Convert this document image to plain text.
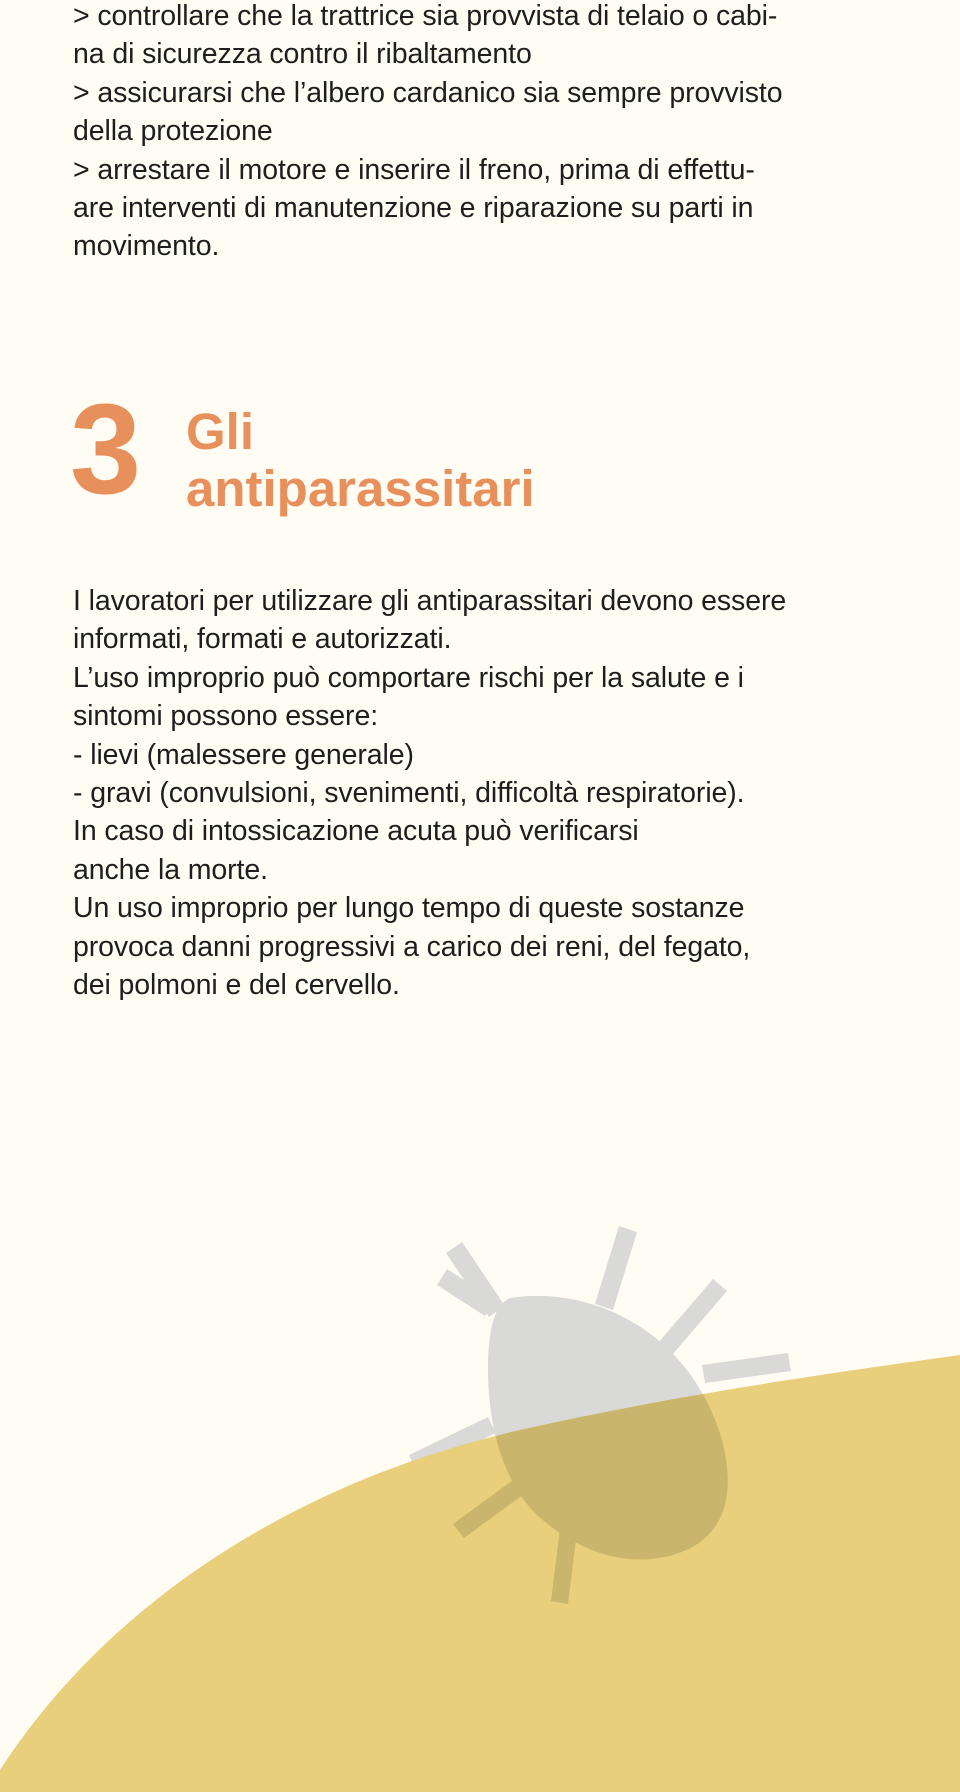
> controllare che la trattrice sia provvista di telaio o cabi-
na di sicurezza contro il ribaltamento
> assicurarsi che l’albero cardanico sia sempre provvisto
della protezione
> arrestare il motore e inserire il freno, prima di effettu-
are interventi di manutenzione e riparazione su parti in
movimento.
3 Gli
antiparassitari
I lavoratori per utilizzare gli antiparassitari devono essere
informati, formati e autorizzati.
L’uso improprio può comportare rischi per la salute e i
sintomi possono essere:
- lievi (malessere generale)
- gravi (convulsioni, svenimenti, difficoltà respiratorie).
In caso di intossicazione acuta può verificarsi
anche la morte.
Un uso improprio per lungo tempo di queste sostanze
provoca danni progressivi a carico dei reni, del fegato,
dei polmoni e del cervello.
